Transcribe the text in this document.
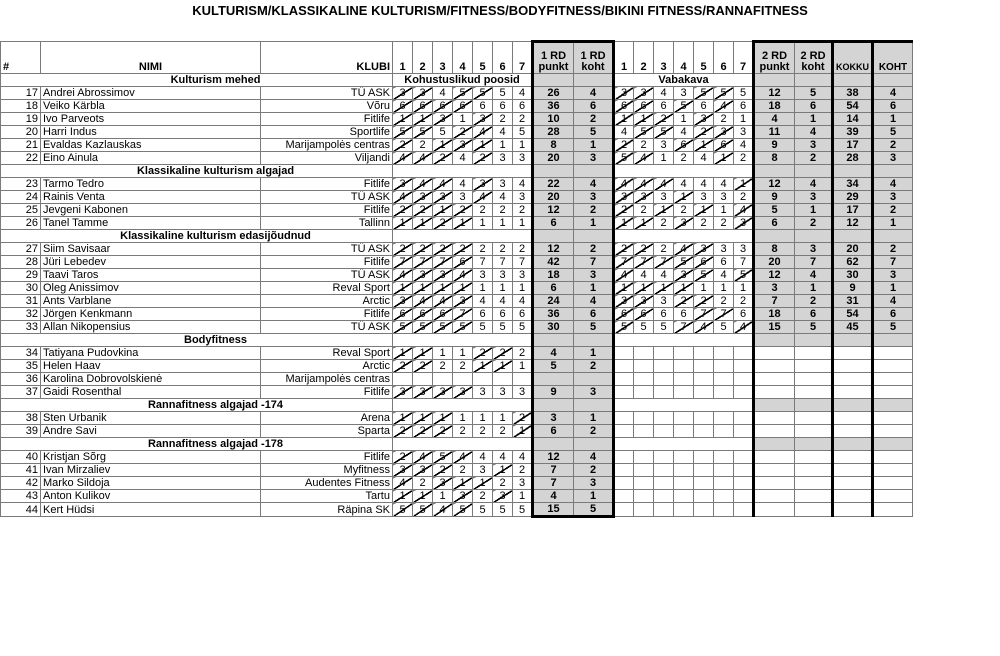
KULTURISM/KLASSIKALINE KULTURISM/FITNESS/BODYFITNESS/BIKINI FITNESS/RANNAFITNESS
#	NIMI	KLUBI	1	2	3	4	5	6	7	1 RD punkt	1 RD koht	1	2	3	4	5	6	7	2 RD punkt	2 RD koht	KOKKU	KOHT
Kulturism mehed			Kohustuslikud poosid									Vabakava										
17	Andrei Abrossimov	TÜ ASK	3	3	4	5	5	5	4	26	4	3	3	4	3	5	5	5	12	5	38	4
18	Veiko Kärbla	Võru	6	6	6	6	6	6	6	36	6	6	6	6	5	6	4	6	18	6	54	6
19	Ivo Parveots	Fitlife	1	1	3	1	3	2	2	10	2	1	1	2	1	3	2	1	4	1	14	1
20	Harri Indus	Sportlife	5	5	5	2	4	4	5	28	5	4	5	5	4	2	3	3	11	4	39	5
21	Evaldas Kazlauskas	Marijampolės centras	2	2	1	3	1	1	1	8	1	2	2	3	6	1	6	4	9	3	17	2
22	Eino Ainula	Viljandi	4	4	2	4	2	3	3	20	3	5	4	1	2	4	1	2	8	2	28	3
Klassikaline kulturism algajad																						
23	Tarmo Tedro	Fitlife	3	4	4	4	3	3	4	22	4	4	4	4	4	4	4	1	12	4	34	4
24	Rainis Venta	TÜ ASK	4	3	3	3	4	4	3	20	3	3	3	3	1	3	3	2	9	3	29	3
25	Jevgeni Kabonen	Fitlife	2	2	1	2	2	2	2	12	2	2	2	1	2	1	1	4	5	1	17	2
26	Tanel Tamme	Tallinn	1	1	2	1	1	1	1	6	1	1	1	2	3	2	2	3	6	2	12	1
Klassikaline kulturism edasijõudnud																						
27	Siim Savisaar	TÜ ASK	2	2	2	2	2	2	2	12	2	2	2	2	4	3	3	3	8	3	20	2
28	Jüri Lebedev	Fitlife	7	7	7	6	7	7	7	42	7	7	7	7	5	6	6	7	20	7	62	7
29	Taavi Taros	TÜ ASK	4	3	3	4	3	3	3	18	3	4	4	4	3	5	4	5	12	4	30	3
30	Oleg Anissimov	Reval Sport	1	1	1	1	1	1	1	6	1	1	1	1	1	1	1	1	3	1	9	1
31	Ants Varblane	Arctic	3	4	4	3	4	4	4	24	4	3	3	3	2	2	2	2	7	2	31	4
32	Jörgen Kenkmann	Fitlife	6	6	6	7	6	6	6	36	6	6	6	6	6	7	7	6	18	6	54	6
33	Allan Nikopensius	TÜ ASK	5	5	5	5	5	5	5	30	5	5	5	5	7	4	5	4	15	5	45	5
Bodyfitness																						
34	Tatiyana Pudovkina	Reval Sport	1	1	1	1	2	2	2	4	1											
35	Helen Haav	Arctic	2	2	2	2	1	1	1	5	2											
36	Karolina Dobrovolskienė	Marijampolės centras																				
37	Gaidi Rosenthal	Fitlife	3	3	3	3	3	3	3	9	3											
Rannafitness algajad -174																						
38	Sten Urbanik	Arena	1	1	1	1	1	1	2	3	1											
39	Andre Savi	Sparta	2	2	2	2	2	2	1	6	2											
Rannafitness algajad -178																						
40	Kristjan Sõrg	Fitlife	2	4	5	4	4	4	4	12	4											
41	Ivan Mirzaliev	Myfitness	3	3	2	2	3	1	2	7	2											
42	Marko Sildoja	Audentes Fitness	4	2	3	1	1	2	3	7	3											
43	Anton Kulikov	Tartu	1	1	1	3	2	3	1	4	1											
44	Kert Hüdsi	Räpina SK	5	5	4	5	5	5	5	15	5											
